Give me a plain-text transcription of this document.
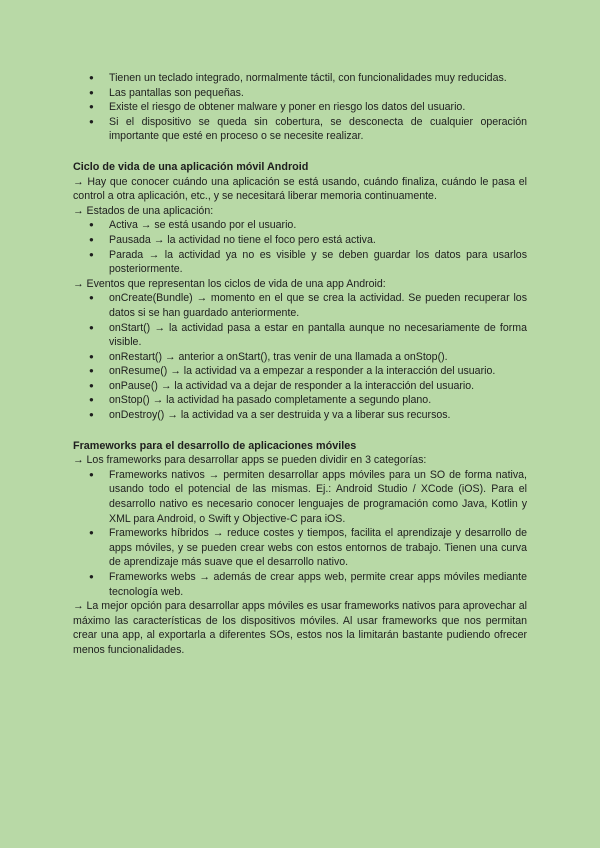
● Tienen un teclado integrado, normalmente táctil, con funcionalidades muy reducidas.
● Las pantallas son pequeñas.
● Existe el riesgo de obtener malware y poner en riesgo los datos del usuario.
● Si el dispositivo se queda sin cobertura, se desconecta de cualquier operación importante que esté en proceso o se necesite realizar.
Ciclo de vida de una aplicación móvil Android

→ Hay que conocer cuándo una aplicación se está usando, cuándo finaliza, cuándo le pasa el control a otra aplicación, etc., y se necesitará liberar memoria continuamente.

→ Estados de una aplicación:

● Activa → se está usando por el usuario.
● Pausada → la actividad no tiene el foco pero está activa.
● Parada → la actividad ya no es visible y se deben guardar los datos para usarlos posteriormente.

→ Eventos que representan los ciclos de vida de una app Android:

● onCreate(Bundle) → momento en el que se crea la actividad. Se pueden recuperar los datos si se han guardado anteriormente.
● onStart() → la actividad pasa a estar en pantalla aunque no necesariamente de forma visible.
● onRestart() → anterior a onStart(), tras venir de una llamada a onStop().
● onResume() → la actividad va a empezar a responder a la interacción del usuario.
● onPause() → la actividad va a dejar de responder a la interacción del usuario.
● onStop() → la actividad ha pasado completamente a segundo plano.
● onDestroy() → la actividad va a ser destruida y va a liberar sus recursos.
Frameworks para el desarrollo de aplicaciones móviles

→ Los frameworks para desarrollar apps se pueden dividir en 3 categorías:

● Frameworks nativos → permiten desarrollar apps móviles para un SO de forma nativa, usando todo el potencial de las mismas. Ej.: Android Studio / XCode (iOS). Para el desarrollo nativo es necesario conocer lenguajes de programación como Java, Kotlin y XML para Android, o Swift y Objective-C para iOS.
● Frameworks híbridos → reduce costes y tiempos, facilita el aprendizaje y desarrollo de apps móviles, y se pueden crear webs con estos entornos de trabajo. Tienen una curva de aprendizaje más suave que el desarrollo nativo.
● Frameworks webs → además de crear apps web, permite crear apps móviles mediante tecnología web.

→ La mejor opción para desarrollar apps móviles es usar frameworks nativos para aprovechar al máximo las características de los dispositivos móviles. Al usar frameworks que nos permitan crear una app, al exportarla a diferentes SOs, estos nos la limitarán bastante pudiendo ofrecer menos funcionalidades.
